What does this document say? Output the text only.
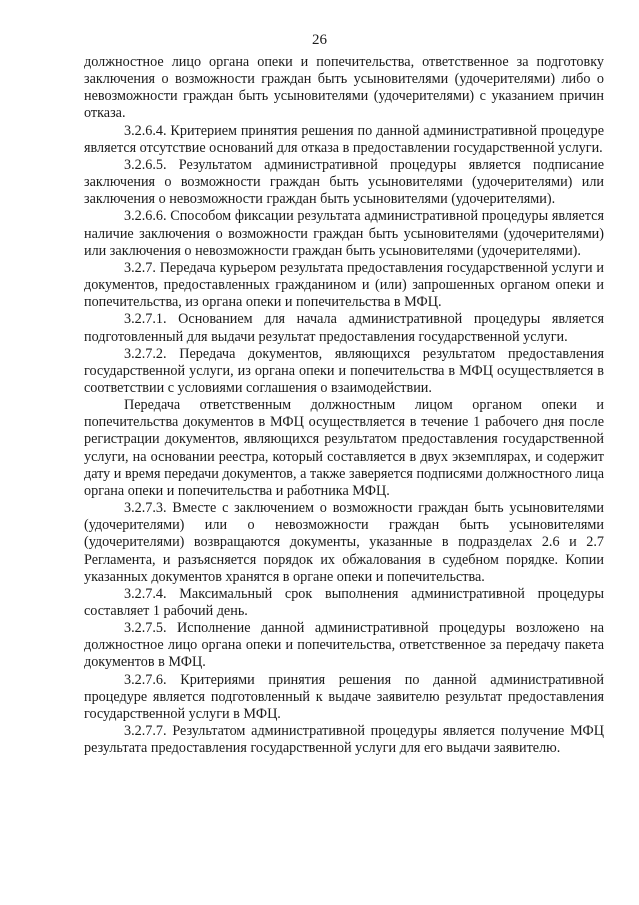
26

должностное лицо органа опеки и попечительства, ответственное за подготовку заключения о возможности граждан быть усыновителями (удочерителями) либо о невозможности граждан быть усыновителями (удочерителями) с указанием причин отказа.

3.2.6.4. Критерием принятия решения по данной административной процедуре является отсутствие оснований для отказа в предоставлении государственной услуги.

3.2.6.5. Результатом административной процедуры является подписание заключения о возможности граждан быть усыновителями (удочерителями) или заключения о невозможности граждан быть усыновителями (удочерителями).

3.2.6.6. Способом фиксации результата административной процедуры является наличие заключения о возможности граждан быть усыновителями (удочерителями) или заключения о невозможности граждан быть усыновителями (удочерителями).

3.2.7. Передача курьером результата предоставления государственной услуги и документов, предоставленных гражданином и (или) запрошенных органом опеки и попечительства, из органа опеки и попечительства в МФЦ.

3.2.7.1. Основанием для начала административной процедуры является подготовленный для выдачи результат предоставления государственной услуги.

3.2.7.2. Передача документов, являющихся результатом предоставления государственной услуги, из органа опеки и попечительства в МФЦ осуществляется в соответствии с условиями соглашения о взаимодействии.

Передача ответственным должностным лицом органом опеки и попечительства документов в МФЦ осуществляется в течение 1 рабочего дня после регистрации документов, являющихся результатом предоставления государственной услуги, на основании реестра, который составляется в двух экземплярах, и содержит дату и время передачи документов, а также заверяется подписями должностного лица органа опеки и попечительства и работника МФЦ.

3.2.7.3. Вместе с заключением о возможности граждан быть усыновителями (удочерителями) или о невозможности граждан быть усыновителями (удочерителями) возвращаются документы, указанные в подразделах 2.6 и 2.7 Регламента, и разъясняется порядок их обжалования в судебном порядке. Копии указанных документов хранятся в органе опеки и попечительства.

3.2.7.4. Максимальный срок выполнения административной процедуры составляет 1 рабочий день.

3.2.7.5. Исполнение данной административной процедуры возложено на должностное лицо органа опеки и попечительства, ответственное за передачу пакета документов в МФЦ.

3.2.7.6. Критериями принятия решения по данной административной процедуре является подготовленный к выдаче заявителю результат предоставления государственной услуги в МФЦ.

3.2.7.7. Результатом административной процедуры является получение МФЦ результата предоставления государственной услуги для его выдачи заявителю.
